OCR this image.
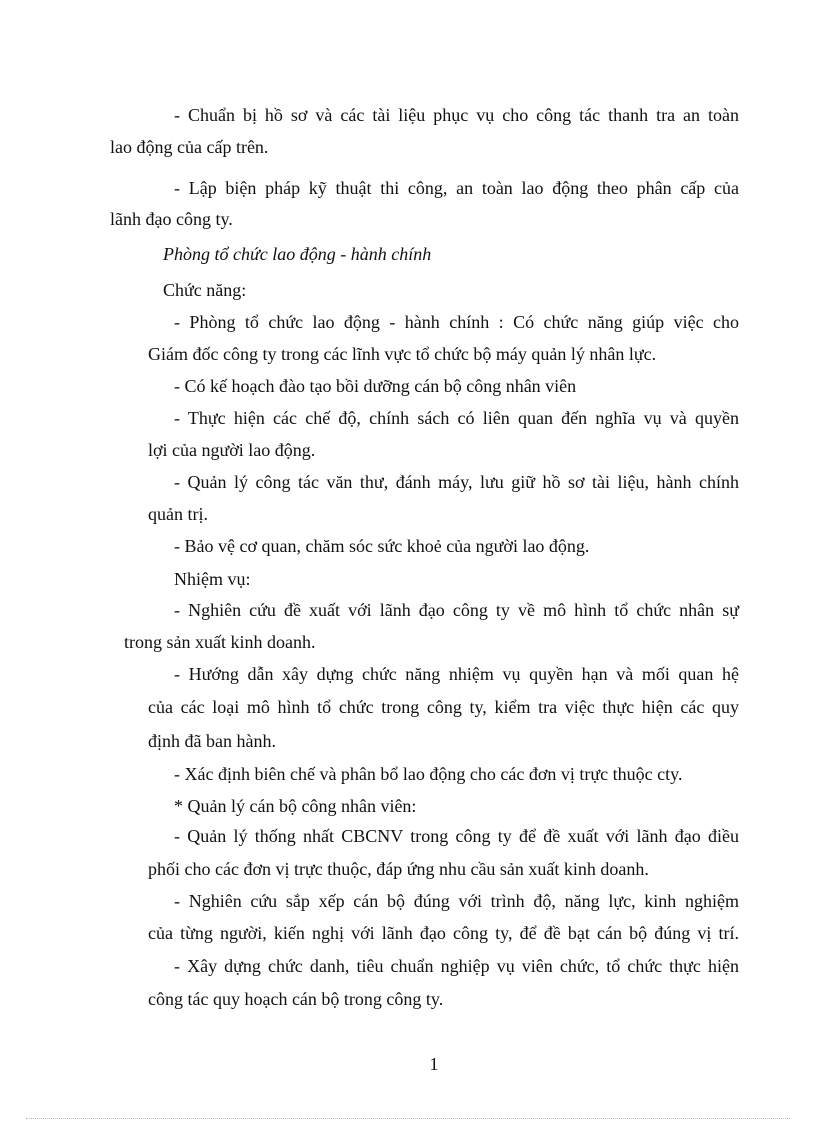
- Chuẩn bị hồ sơ và các tài liệu phục vụ cho công tác thanh tra an toàn
lao động của cấp trên.
- Lập biện pháp kỹ thuật thi công, an toàn lao động theo phân cấp của
lãnh đạo công ty.
Phòng tổ chức lao động - hành chính
Chức năng:
- Phòng tổ chức lao động - hành chính : Có chức năng giúp việc cho
Giám đốc công ty trong các lĩnh vực tổ chức bộ máy quản lý nhân lực.
- Có kế hoạch đào tạo bồi dưỡng cán bộ công nhân viên
- Thực hiện các chế độ, chính sách có liên quan đến nghĩa vụ và quyền
lợi của người lao động.
- Quản lý công tác văn thư, đánh máy, lưu giữ hồ sơ tài liệu, hành chính
quản trị.
- Bảo vệ cơ quan, chăm sóc sức khoẻ của người lao động.
Nhiệm vụ:
- Nghiên cứu đề xuất với lãnh đạo công ty về mô hình tổ chức nhân sự
trong sản xuất kinh doanh.
- Hướng dẫn xây dựng chức năng nhiệm vụ quyền hạn và mối quan hệ
của các loại mô hình tổ chức trong công ty, kiểm tra việc thực hiện các quy
định đã ban hành.
- Xác định biên chế và phân bổ lao động cho các đơn vị trực thuộc cty.
* Quản lý cán bộ công nhân viên:
- Quản lý thống nhất CBCNV trong công ty để đề xuất với lãnh đạo điều
phối cho các đơn vị trực thuộc, đáp ứng nhu cầu sản xuất kinh doanh.
- Nghiên cứu sắp xếp cán bộ đúng với trình độ, năng lực, kinh nghiệm
của từng người, kiến nghị với lãnh đạo công ty, để đề bạt cán bộ đúng vị trí.
- Xây dựng chức danh, tiêu chuẩn nghiệp vụ viên chức, tổ chức thực hiện
công tác quy hoạch cán bộ trong công ty.
1
